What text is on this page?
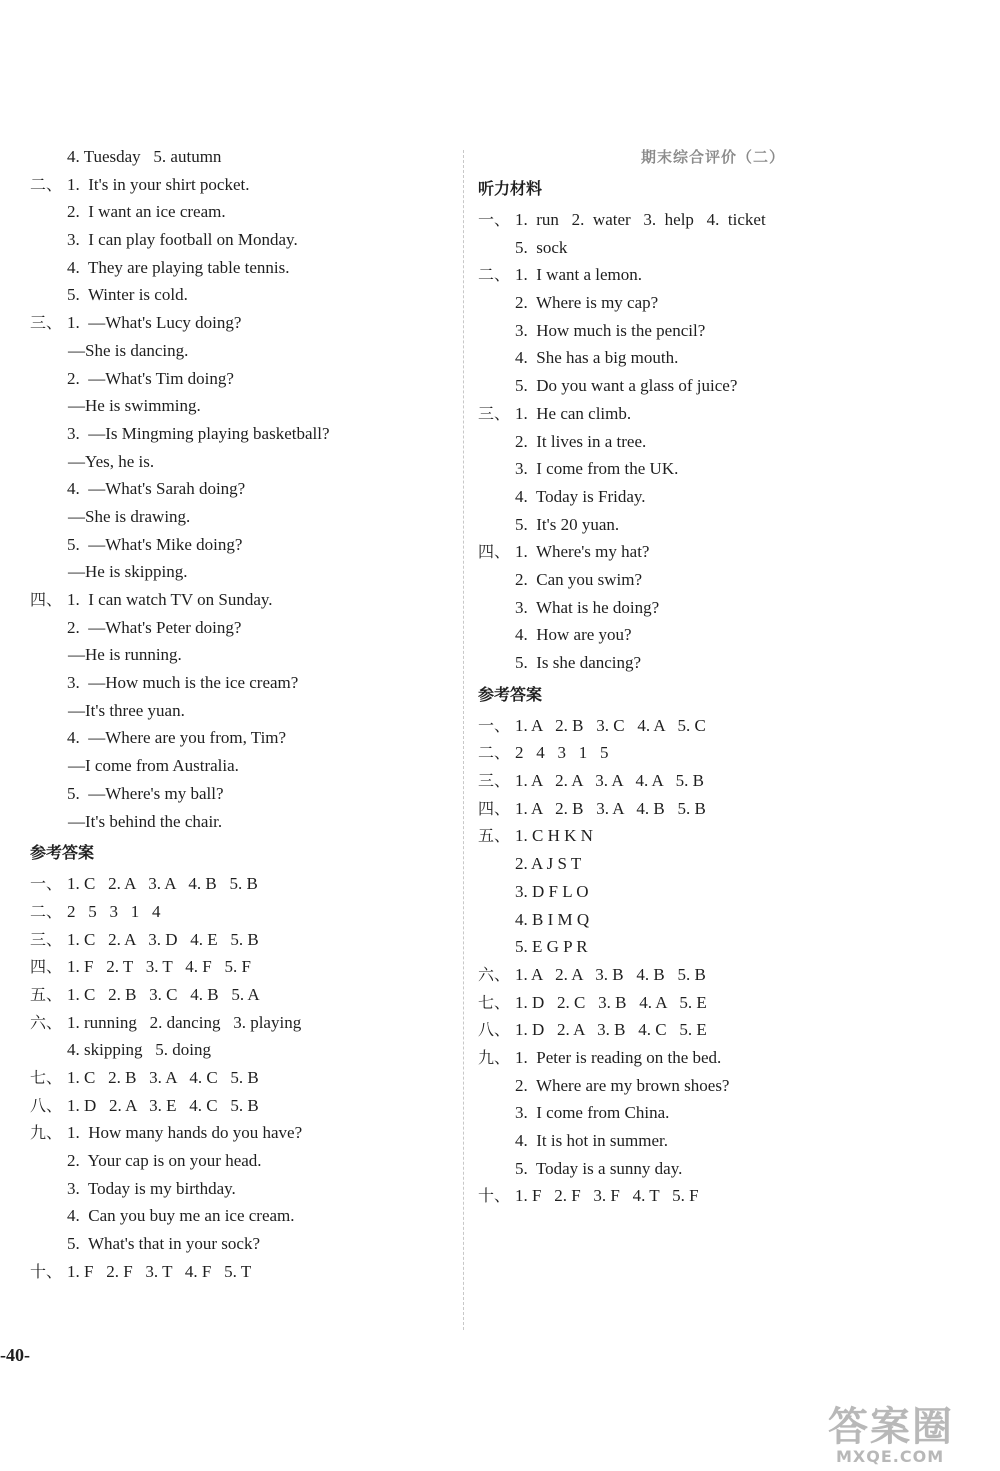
4. Tuesday   5. autumn
二、 1.  It's in your shirt pocket.
2.  I want an ice cream.
3.  I can play football on Monday.
4.  They are playing table tennis.
5.  Winter is cold.
三、 1.  —What's Lucy doing?
—She is dancing.
2.  —What's Tim doing?
—He is swimming.
3.  —Is Mingming playing basketball?
—Yes, he is.
4.  —What's Sarah doing?
—She is drawing.
5.  —What's Mike doing?
—He is skipping.
四、 1.  I can watch TV on Sunday.
2.  —What's Peter doing?
—He is running.
3.  —How much is the ice cream?
—It's three yuan.
4.  —Where are you from, Tim?
—I come from Australia.
5.  —Where's my ball?
—It's behind the chair.
参考答案
一、 1. C   2. A   3. A   4. B   5. B
二、 2   5   3   1   4
三、 1. C   2. A   3. D   4. E   5. B
四、 1. F   2. T   3. T   4. F   5. F
五、 1. C   2. B   3. C   4. B   5. A
六、 1. running   2. dancing   3. playing
4. skipping   5. doing
七、 1. C   2. B   3. A   4. C   5. B
八、 1. D   2. A   3. E   4. C   5. B
九、 1.  How many hands do you have?
2.  Your cap is on your head.
3.  Today is my birthday.
4.  Can you buy me an ice cream.
5.  What's that in your sock?
十、 1. F   2. F   3. T   4. F   5. T
期末综合评价（二）
听力材料
一、 1.  run   2.  water   3.  help   4.  ticket
5.  sock
二、 1.  I want a lemon.
2.  Where is my cap?
3.  How much is the pencil?
4.  She has a big mouth.
5.  Do you want a glass of juice?
三、 1.  He can climb.
2.  It lives in a tree.
3.  I come from the UK.
4.  Today is Friday.
5.  It's 20 yuan.
四、 1.  Where's my hat?
2.  Can you swim?
3.  What is he doing?
4.  How are you?
5.  Is she dancing?
参考答案
一、 1. A   2. B   3. C   4. A   5. C
二、 2   4   3   1   5
三、 1. A   2. A   3. A   4. A   5. B
四、 1. A   2. B   3. A   4. B   5. B
五、 1. C H K N
2. A J S T
3. D F L O
4. B I M Q
5. E G P R
六、 1. A   2. A   3. B   4. B   5. B
七、 1. D   2. C   3. B   4. A   5. E
八、 1. D   2. A   3. B   4. C   5. E
九、 1.  Peter is reading on the bed.
2.  Where are my brown shoes?
3.  I come from China.
4.  It is hot in summer.
5.  Today is a sunny day.
十、 1. F   2. F   3. F   4. T   5. F
-40-
答案圈
MXQE.COM
